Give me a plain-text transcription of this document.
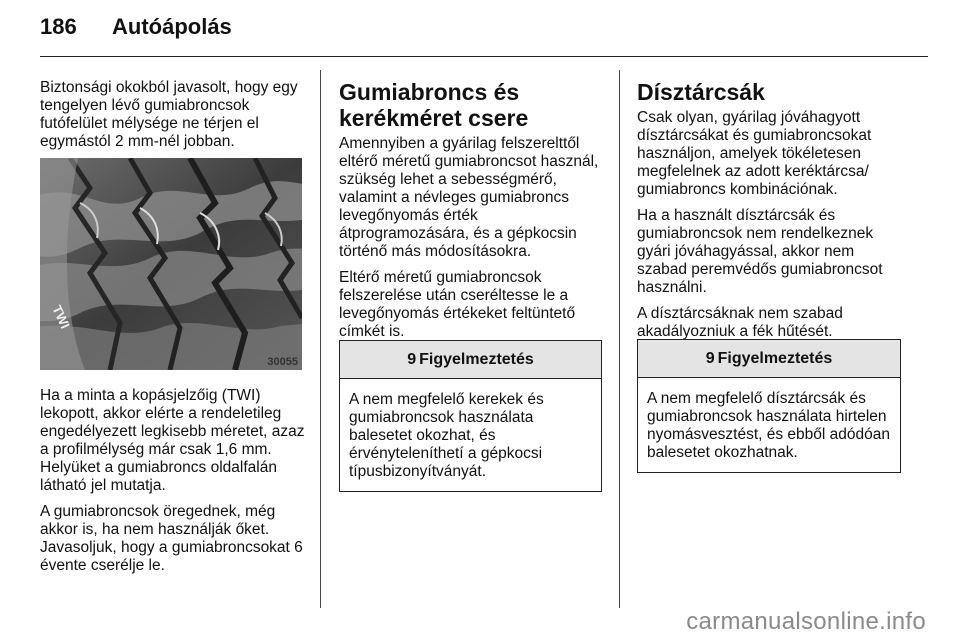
186 Autóápolás

Biztonsági okokból javasolt, hogy egy tengelyen lévő gumiabroncsok futófelület mélysége ne térjen el egymástól 2 mm-nél jobban.

TWI
30055

Ha a minta a kopásjelzőig (TWI) lekopott, akkor elérte a rendeletileg engedélyezett legkisebb méretet, azaz a profilmélység már csak 1,6 mm. Helyüket a gumiabroncs oldalfalán látható jel mutatja.

A gumiabroncsok öregednek, még akkor is, ha nem használják őket. Javasoljuk, hogy a gumiabroncsokat 6 évente cserélje le.

Gumiabroncs és kerékméret csere

Amennyiben a gyárilag felszerelttől eltérő méretű gumiabroncsot használ, szükség lehet a sebességmérő, valamint a névleges gumiabroncs levegőnyomás érték átprogramozására, és a gépkocsin történő más módosításokra.

Eltérő méretű gumiabroncsok felszerelése után cseréltesse le a levegőnyomás értékeket feltüntető címkét is.

9 Figyelmeztetés
A nem megfelelő kerekek és gumiabroncsok használata balesetet okozhat, és érvényteleníthetí a gépkocsi típusbizonyítványát.
Dísztárcsák

Csak olyan, gyárilag jóváhagyott dísztárcsákat és gumiabroncsokat használjon, amelyek tökéletesen megfelelnek az adott keréktárcsa/ gumiabroncs kombinációnak.

Ha a használt dísztárcsák és gumiabroncsok nem rendelkeznek gyári jóváhagyással, akkor nem szabad peremvédős gumiabroncsot használni.

A dísztárcsáknak nem szabad akadályozniuk a fék hűtését.

9 Figyelmeztetés
A nem megfelelő dísztárcsák és gumiabroncsok használata hirtelen nyomásvesztést, és ebből adódóan balesetet okozhatnak.
carmanualsonline.info
